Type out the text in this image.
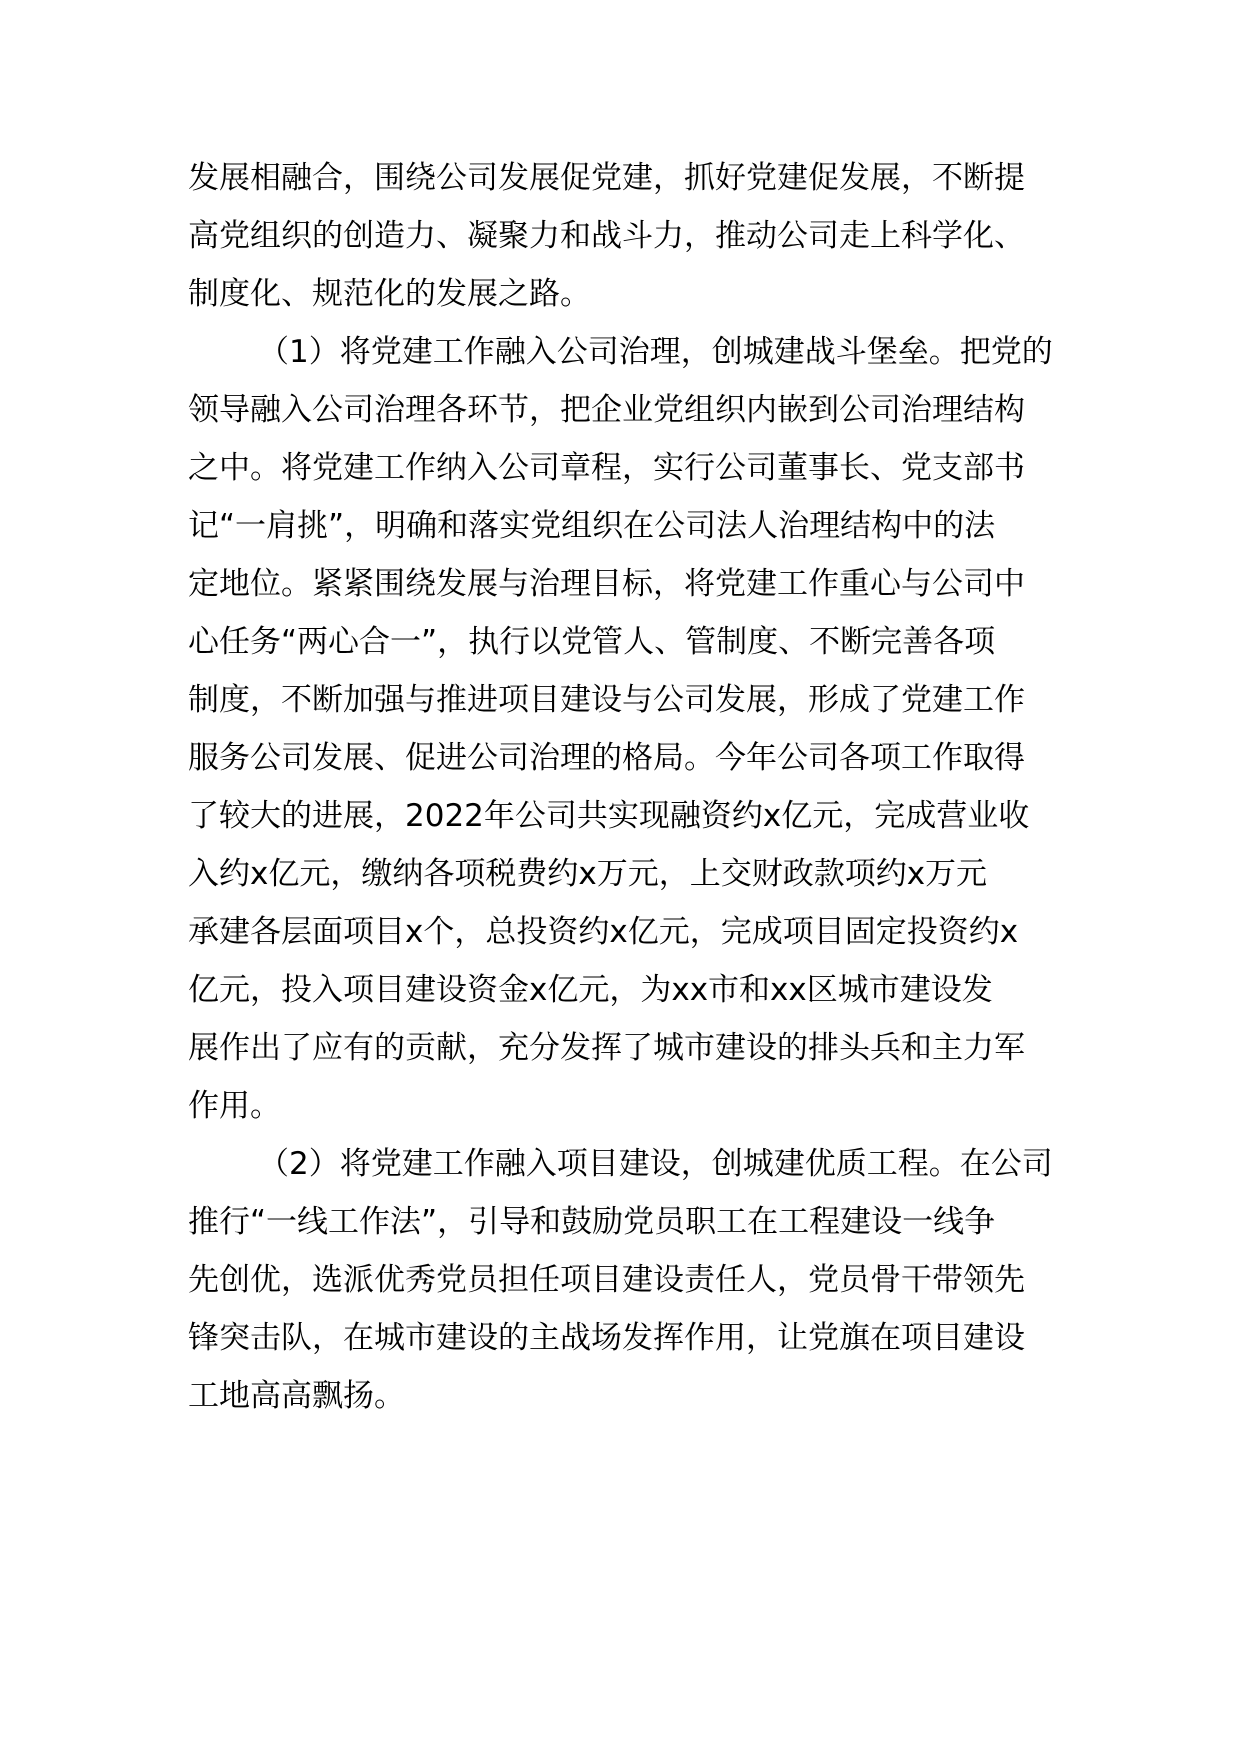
发展相融合，围绕公司发展促党建，抓好党建促发展，不断提
高党组织的创造力、凝聚力和战斗力，推动公司走上科学化、
制度化、规范化的发展之路。
（1）将党建工作融入公司治理，创城建战斗堡垒。把党的
领导融入公司治理各环节，把企业党组织内嵌到公司治理结构
之中。将党建工作纳入公司章程，实行公司董事长、党支部书
记“一肩挑”，明确和落实党组织在公司法人治理结构中的法
定地位。紧紧围绕发展与治理目标，将党建工作重心与公司中
心任务“两心合一”，执行以党管人、管制度、不断完善各项
制度，不断加强与推进项目建设与公司发展，形成了党建工作
服务公司发展、促进公司治理的格局。今年公司各项工作取得
了较大的进展，2022年公司共实现融资约x亿元，完成营业收
入约x亿元，缴纳各项税费约x万元，上交财政款项约x万元
承建各层面项目x个，总投资约x亿元，完成项目固定投资约x
亿元，投入项目建设资金x亿元，为xx市和xx区城市建设发
展作出了应有的贡献，充分发挥了城市建设的排头兵和主力军
作用。
（2）将党建工作融入项目建设，创城建优质工程。在公司
推行“一线工作法”，引导和鼓励党员职工在工程建设一线争
先创优，选派优秀党员担任项目建设责任人，党员骨干带领先
锋突击队，在城市建设的主战场发挥作用，让党旗在项目建设
工地高高飘扬。
